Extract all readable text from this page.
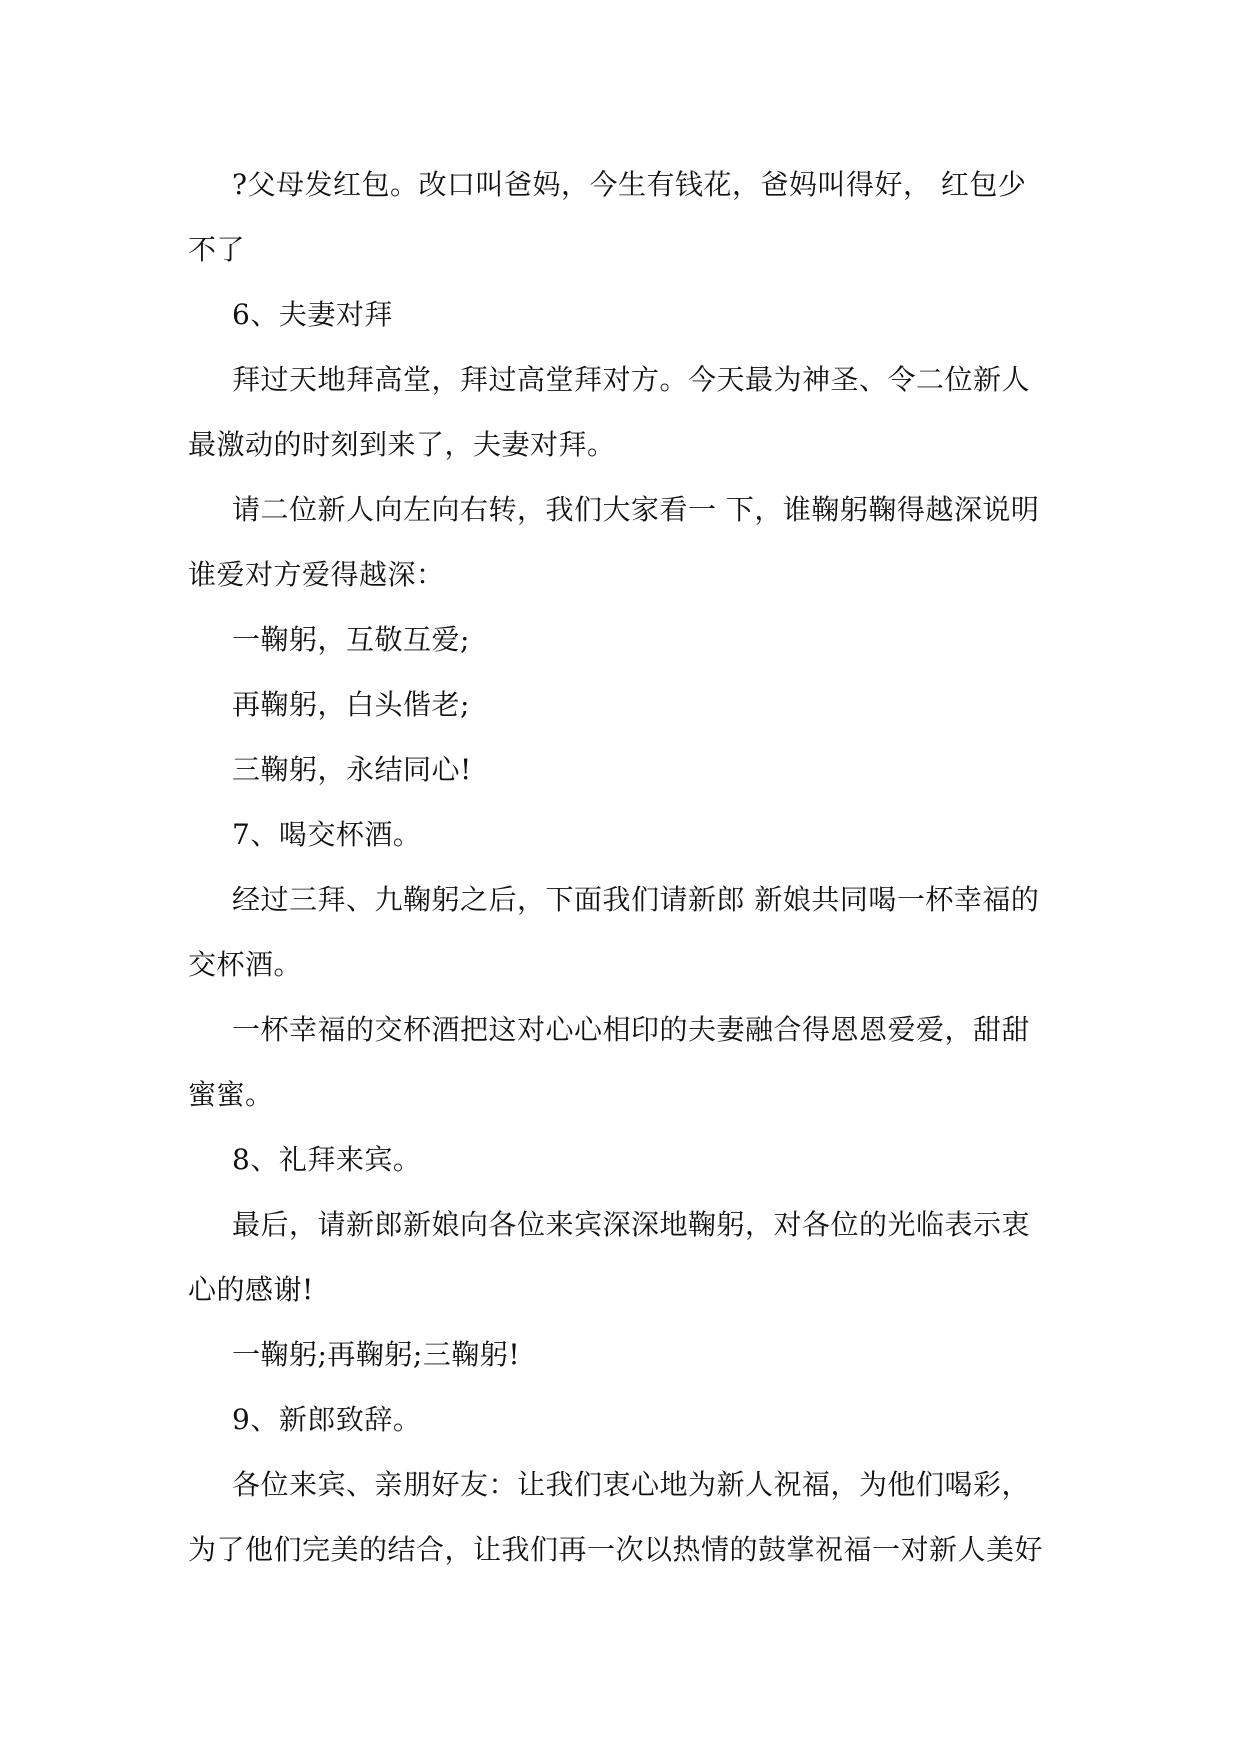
?父母发红包。改口叫爸妈，今生有钱花，爸妈叫得好， 红包少
不了

6、夫妻对拜

拜过天地拜高堂，拜过高堂拜对方。今天最为神圣、令二位新人
最激动的时刻到来了，夫妻对拜。

请二位新人向左向右转，我们大家看一 下，谁鞠躬鞠得越深说明
谁爱对方爱得越深：

一鞠躬，互敬互爱;

再鞠躬，白头偕老;

三鞠躬，永结同心!

7、喝交杯酒。

经过三拜、九鞠躬之后，下面我们请新郎 新娘共同喝一杯幸福的
交杯酒。

一杯幸福的交杯酒把这对心心相印的夫妻融合得恩恩爱爱，甜甜
蜜蜜。

8、礼拜来宾。

最后，请新郎新娘向各位来宾深深地鞠躬，对各位的光临表示衷
心的感谢!

一鞠躬;再鞠躬;三鞠躬!

9、新郎致辞。

各位来宾、亲朋好友：让我们衷心地为新人祝福，为他们喝彩，
为了他们完美的结合，让我们再一次以热情的鼓掌祝福一对新人美好
